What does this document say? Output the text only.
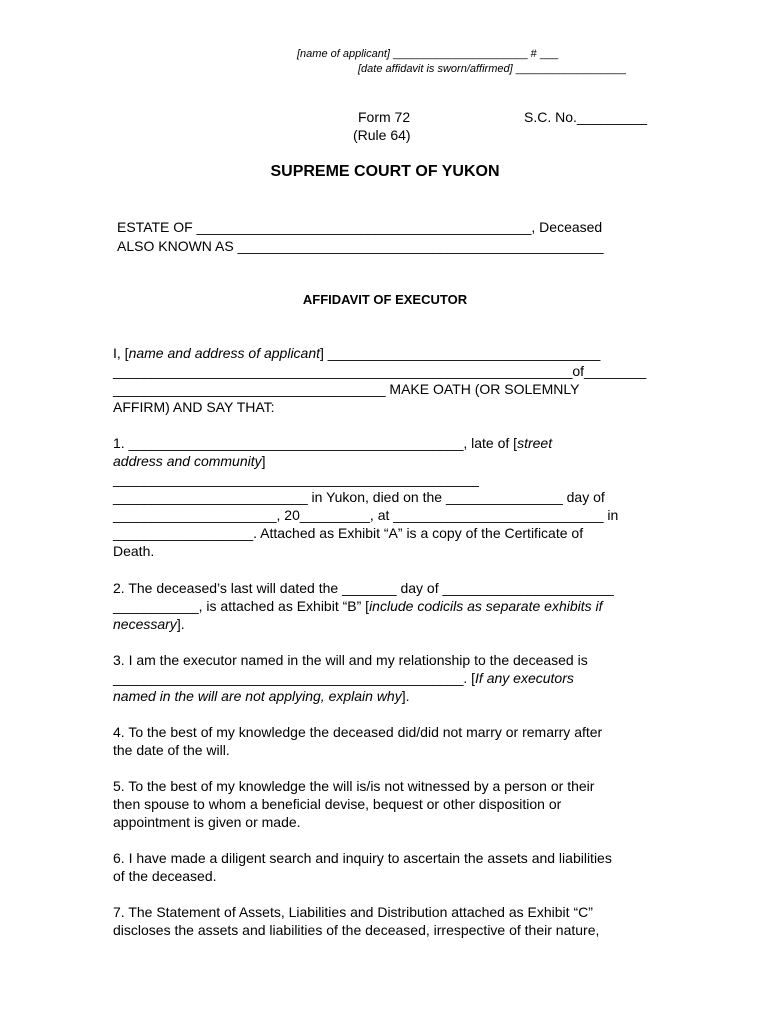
[name of applicant] ______________________ # ___
[date affidavit is sworn/affirmed] __________________
Form 72
(Rule 64)
S.C. No._________
SUPREME COURT OF YUKON
ESTATE OF ___________________________________________, Deceased
ALSO KNOWN AS _______________________________________________
AFFIDAVIT OF EXECUTOR
I, [name and address of applicant] ___________________________________
___________________________________________________________of________
___________________________________ MAKE OATH (OR SOLEMNLY
AFFIRM) AND SAY THAT:
1. ___________________________________________, late of [street
address and community]
_______________________________________________
_________________________ in Yukon, died on the _______________ day of
_____________________, 20_________, at ___________________________ in
__________________. Attached as Exhibit “A” is a copy of the Certificate of
Death.
2. The deceased’s last will dated the _______ day of ______________________
___________, is attached as Exhibit “B” [include codicils as separate exhibits if
necessary].
3. I am the executor named in the will and my relationship to the deceased is
_____________________________________________. [If any executors
named in the will are not applying, explain why].
4. To the best of my knowledge the deceased did/did not marry or remarry after
the date of the will.
5. To the best of my knowledge the will is/is not witnessed by a person or their
then spouse to whom a beneficial devise, bequest or other disposition or
appointment is given or made.
6. I have made a diligent search and inquiry to ascertain the assets and liabilities
of the deceased.
7. The Statement of Assets, Liabilities and Distribution attached as Exhibit “C”
discloses the assets and liabilities of the deceased, irrespective of their nature,
